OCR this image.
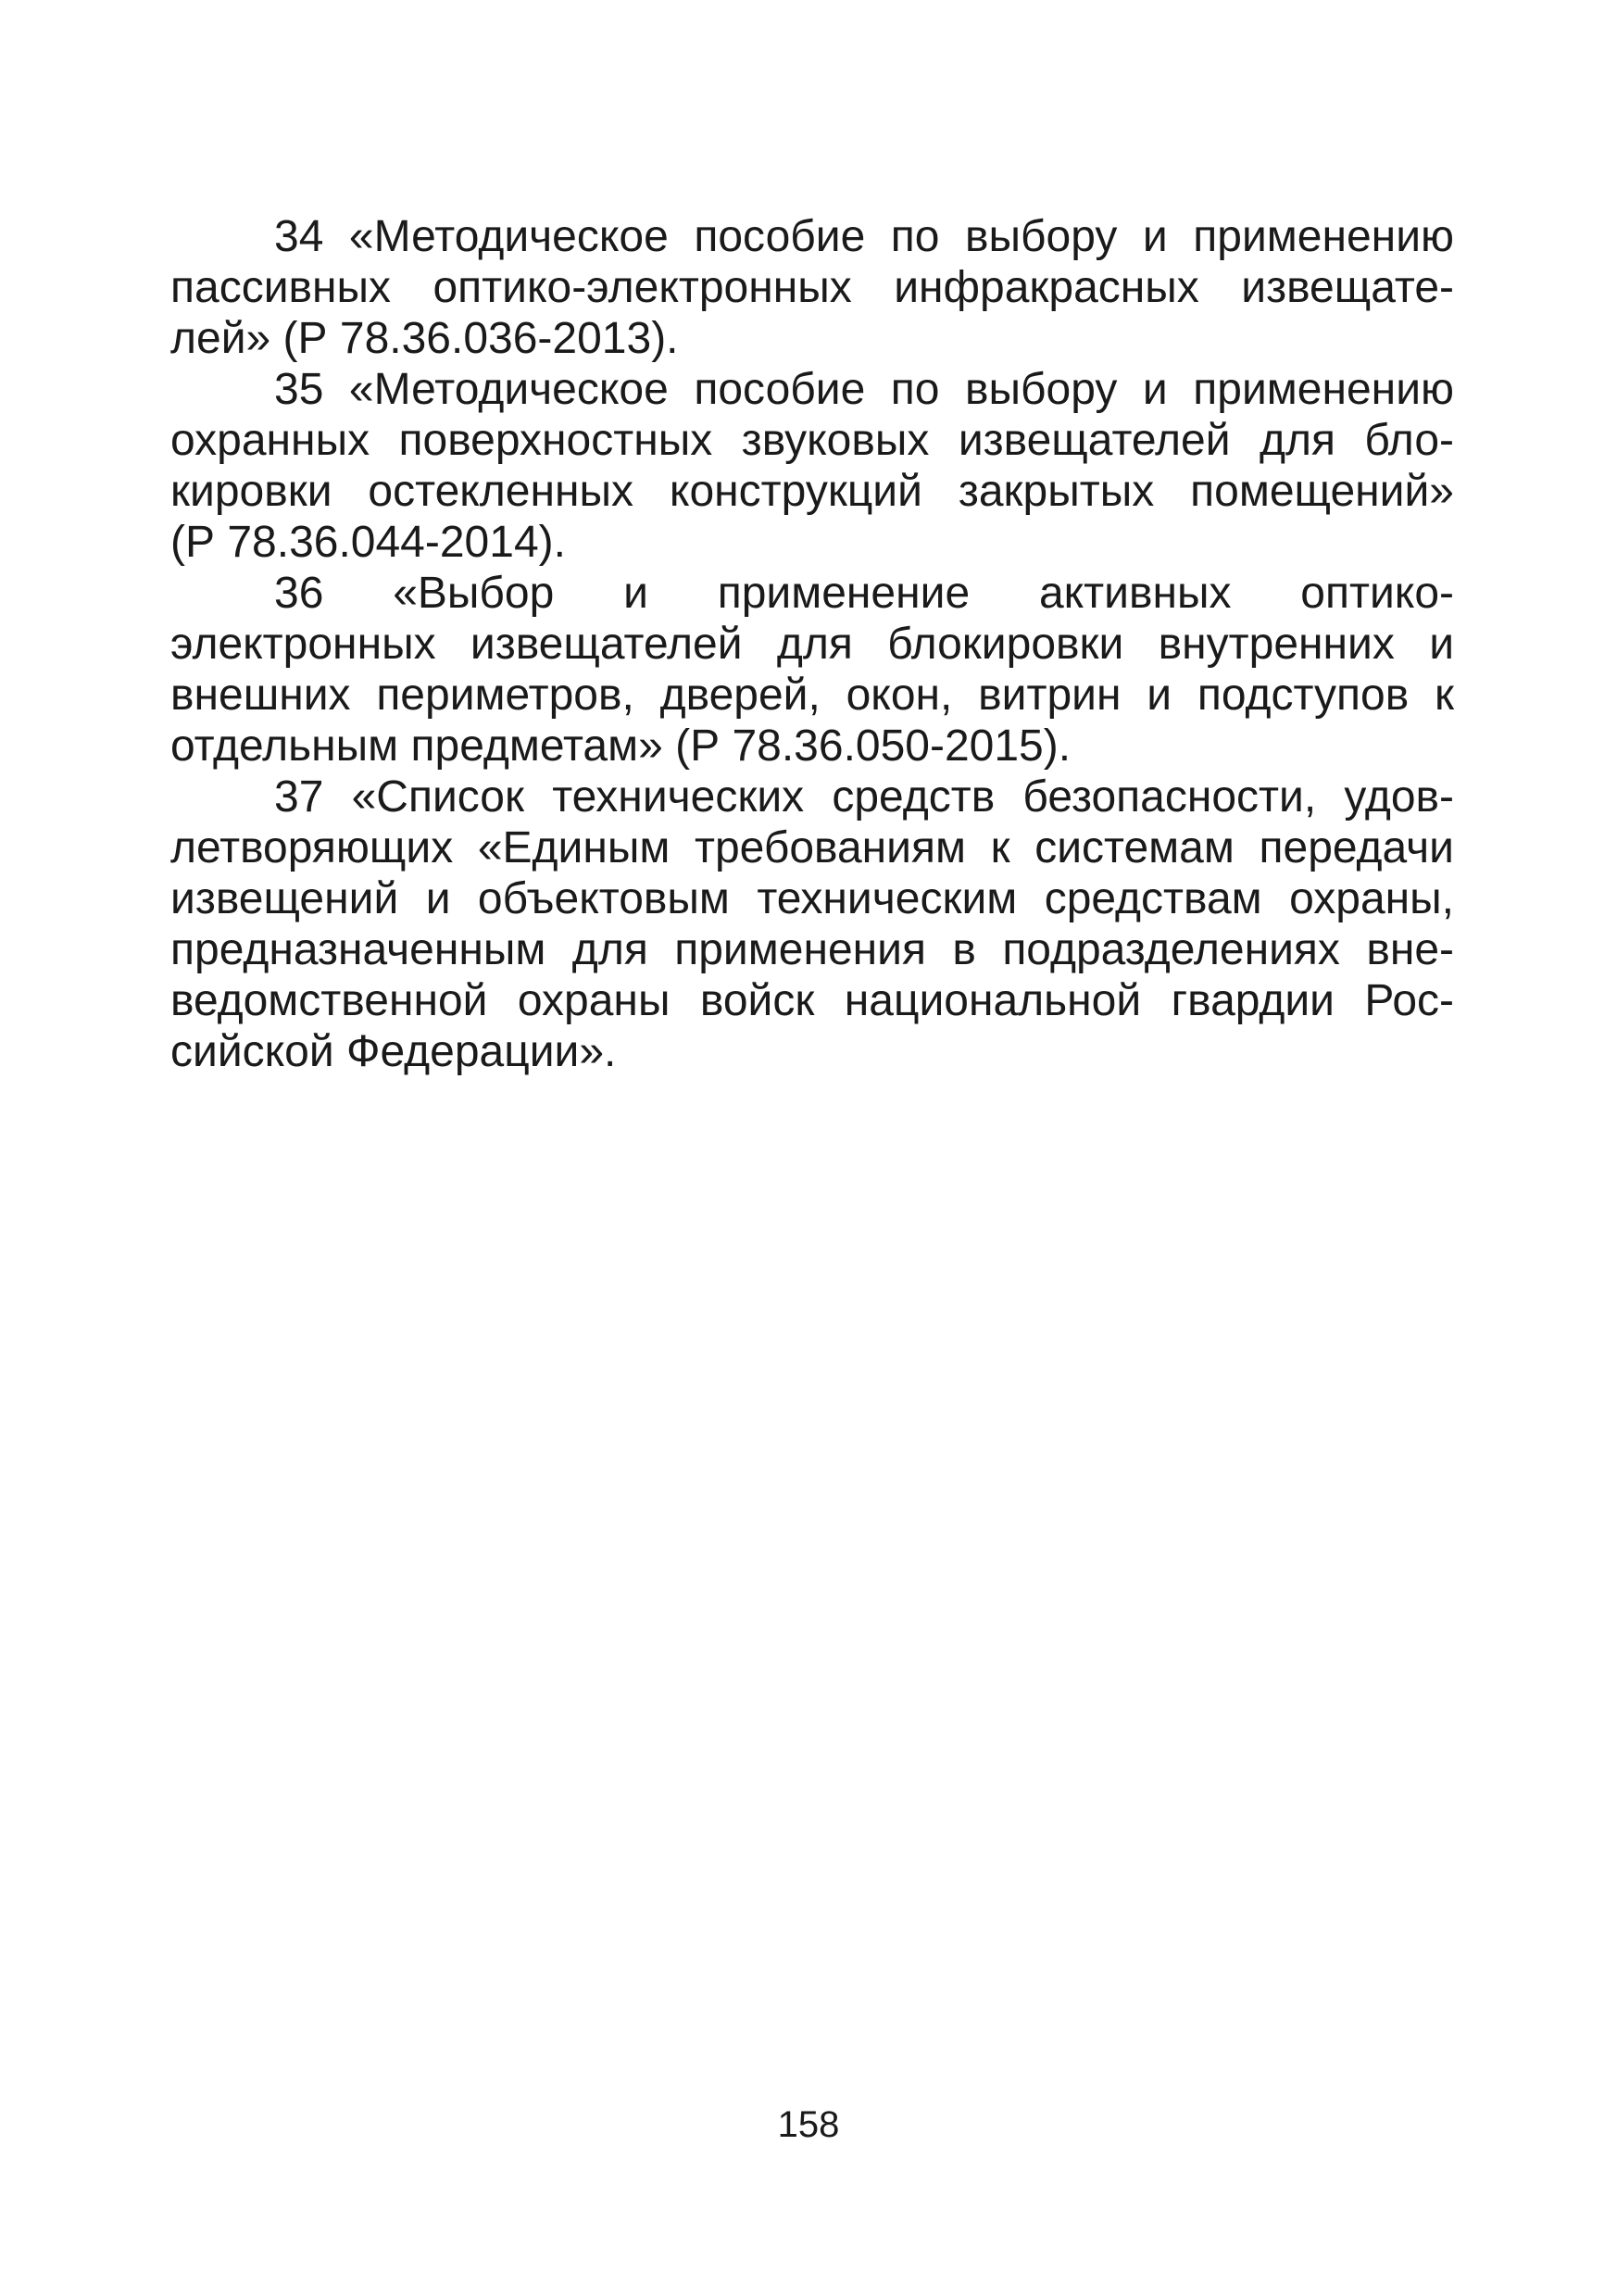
34 «Методическое пособие по выбору и применению
пассивных оптико-электронных инфракрасных извещате-
лей» (Р 78.36.036-2013).
35 «Методическое пособие по выбору и применению
охранных поверхностных звуковых извещателей для бло-
кировки остекленных конструкций закрытых помещений»
(Р 78.36.044-2014).
36 «Выбор и применение активных оптико-
электронных извещателей для блокировки внутренних и
внешних периметров, дверей, окон, витрин и подступов к
отдельным предметам» (Р 78.36.050-2015).
37 «Список технических средств безопасности, удов-
летворяющих «Единым требованиям к системам передачи
извещений и объектовым техническим средствам охраны,
предназначенным для применения в подразделениях вне-
ведомственной охраны войск национальной гвардии Рос-
сийской Федерации».
158
